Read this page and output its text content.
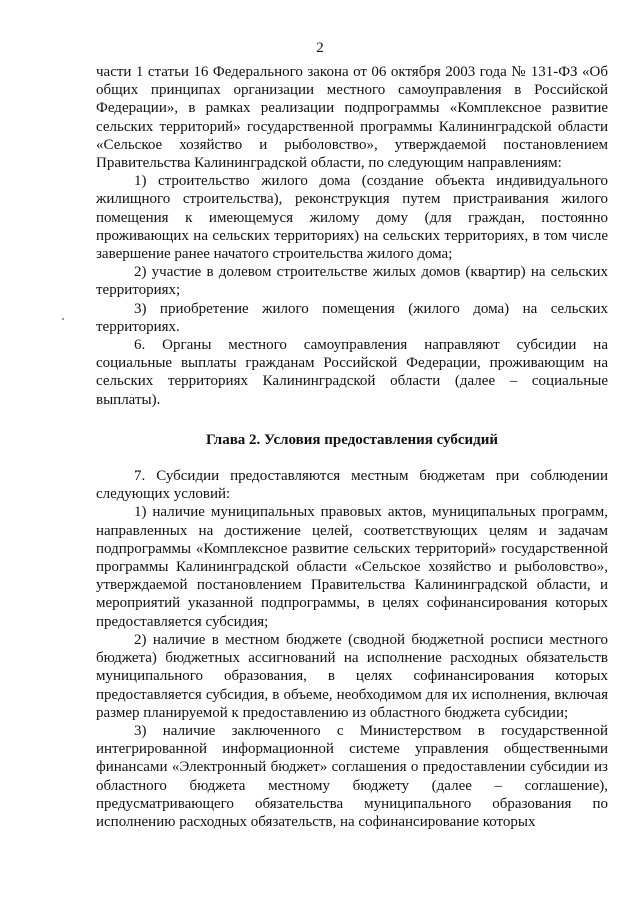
2

части 1 статьи 16 Федерального закона от 06 октября 2003 года № 131-ФЗ «Об общих принципах организации местного самоуправления в Российской Федерации», в рамках реализации подпрограммы «Комплексное развитие сельских территорий» государственной программы Калининградской области «Сельское хозяйство и рыболовство», утверждаемой постановлением Правительства Калининградской области, по следующим направлениям:

1) строительство жилого дома (создание объекта индивидуального жилищного строительства), реконструкция путем пристраивания жилого помещения к имеющемуся жилому дому (для граждан, постоянно проживающих на сельских территориях) на сельских территориях, в том числе завершение ранее начатого строительства жилого дома;

2) участие в долевом строительстве жилых домов (квартир) на сельских территориях;

3) приобретение жилого помещения (жилого дома) на сельских территориях.

6. Органы местного самоуправления направляют субсидии на социальные выплаты гражданам Российской Федерации, проживающим на сельских территориях Калининградской области (далее – социальные выплаты).

Глава 2. Условия предоставления субсидий

7. Субсидии предоставляются местным бюджетам при соблюдении следующих условий:

1) наличие муниципальных правовых актов, муниципальных программ, направленных на достижение целей, соответствующих целям и задачам подпрограммы «Комплексное развитие сельских территорий» государственной программы Калининградской области «Сельское хозяйство и рыболовство», утверждаемой постановлением Правительства Калининградской области, и мероприятий указанной подпрограммы, в целях софинансирования которых предоставляется субсидия;

2) наличие в местном бюджете (сводной бюджетной росписи местного бюджета) бюджетных ассигнований на исполнение расходных обязательств муниципального образования, в целях софинансирования которых предоставляется субсидия, в объеме, необходимом для их исполнения, включая размер планируемой к предоставлению из областного бюджета субсидии;

3) наличие заключенного с Министерством в государственной интегрированной информационной системе управления общественными финансами «Электронный бюджет» соглашения о предоставлении субсидии из областного бюджета местному бюджету (далее – соглашение), предусматривающего обязательства муниципального образования по исполнению расходных обязательств, на софинансирование которых
